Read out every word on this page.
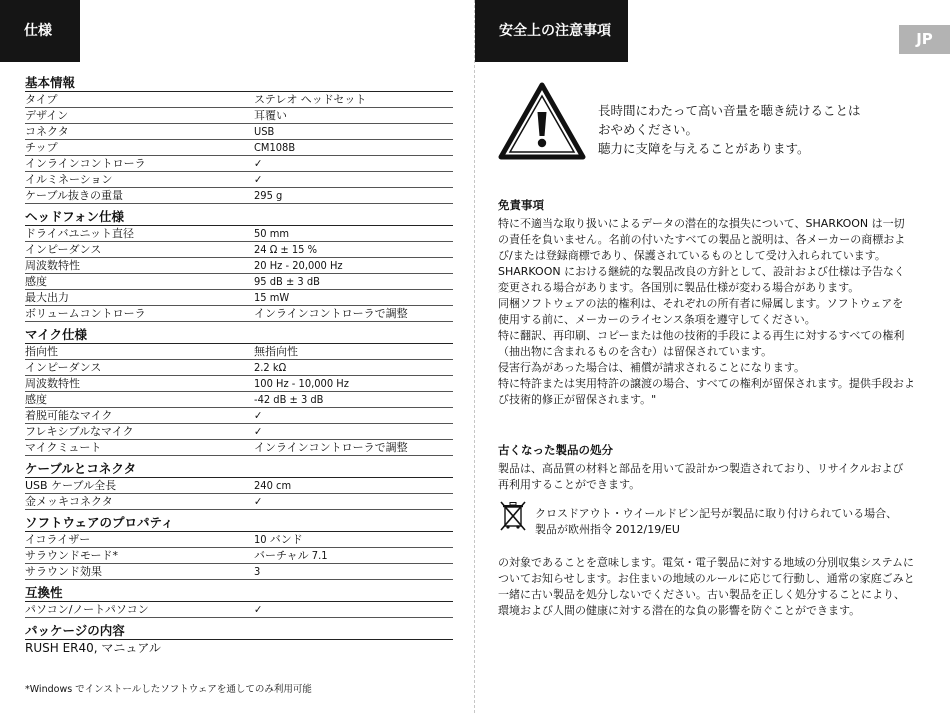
仕様	安全上の注意事項	JP
基本情報
タイプ	ステレオ ヘッドセット
デザイン	耳覆い
コネクタ	USB
チップ	CM108B
インラインコントローラ	✓
イルミネーション	✓
ケーブル抜きの重量	295 g
ヘッドフォン仕様
ドライバユニット直径	50 mm
インピーダンス	24 Ω ± 15 %
周波数特性	20 Hz - 20,000 Hz
感度	95 dB ± 3 dB
最大出力	15 mW
ボリュームコントローラ	インラインコントローラで調整
マイク仕様
指向性	無指向性
インピーダンス	2.2 kΩ
周波数特性	100 Hz - 10,000 Hz
感度	-42 dB ± 3 dB
着脱可能なマイク	✓
フレキシブルなマイク	✓
マイクミュート	インラインコントローラで調整
ケーブルとコネクタ
USB ケーブル全長	240 cm
金メッキコネクタ	✓
ソフトウェアのプロパティ
イコライザー	10 バンド
サラウンドモード*	バーチャル 7.1
サラウンド効果	3
互換性
パソコン/ノートパソコン	✓
パッケージの内容
RUSH ER40, マニュアル
*Windows でインストールしたソフトウェアを通してのみ利用可能
長時間にわたって高い音量を聴き続けることは
おやめください。
聴力に支障を与えることがあります。
免責事項
特に不適当な取り扱いによるデータの潜在的な損失について、SHARKOON は一切
の責任を負いません。名前の付いたすべての製品と説明は、各メーカーの商標およ
び/または登録商標であり、保護されているものとして受け入れられています。
SHARKOON における継続的な製品改良の方針として、設計および仕様は予告なく
変更される場合があります。各国別に製品仕様が変わる場合があります。
同梱ソフトウェアの法的権利は、それぞれの所有者に帰属します。ソフトウェアを
使用する前に、メーカーのライセンス条項を遵守してください。
特に翻訳、再印刷、コピーまたは他の技術的手段による再生に対するすべての権利
（抽出物に含まれるものを含む）は留保されています。
侵害行為があった場合は、補償が請求されることになります。
特に特許または実用特許の譲渡の場合、すべての権利が留保されます。提供手段およ
び技術的修正が留保されます。"
古くなった製品の処分
製品は、高品質の材料と部品を用いて設計かつ製造されており、リサイクルおよび
再利用することができます。
クロスドアウト・ウイールドビン記号が製品に取り付けられている場合、
製品が欧州指令 2012/19/EU
の対象であることを意味します。電気・電子製品に対する地域の分別収集システムに
ついてお知らせします。お住まいの地域のルールに応じて行動し、通常の家庭ごみと
一緒に古い製品を処分しないでください。古い製品を正しく処分することにより、
環境および人間の健康に対する潜在的な負の影響を防ぐことができます。
